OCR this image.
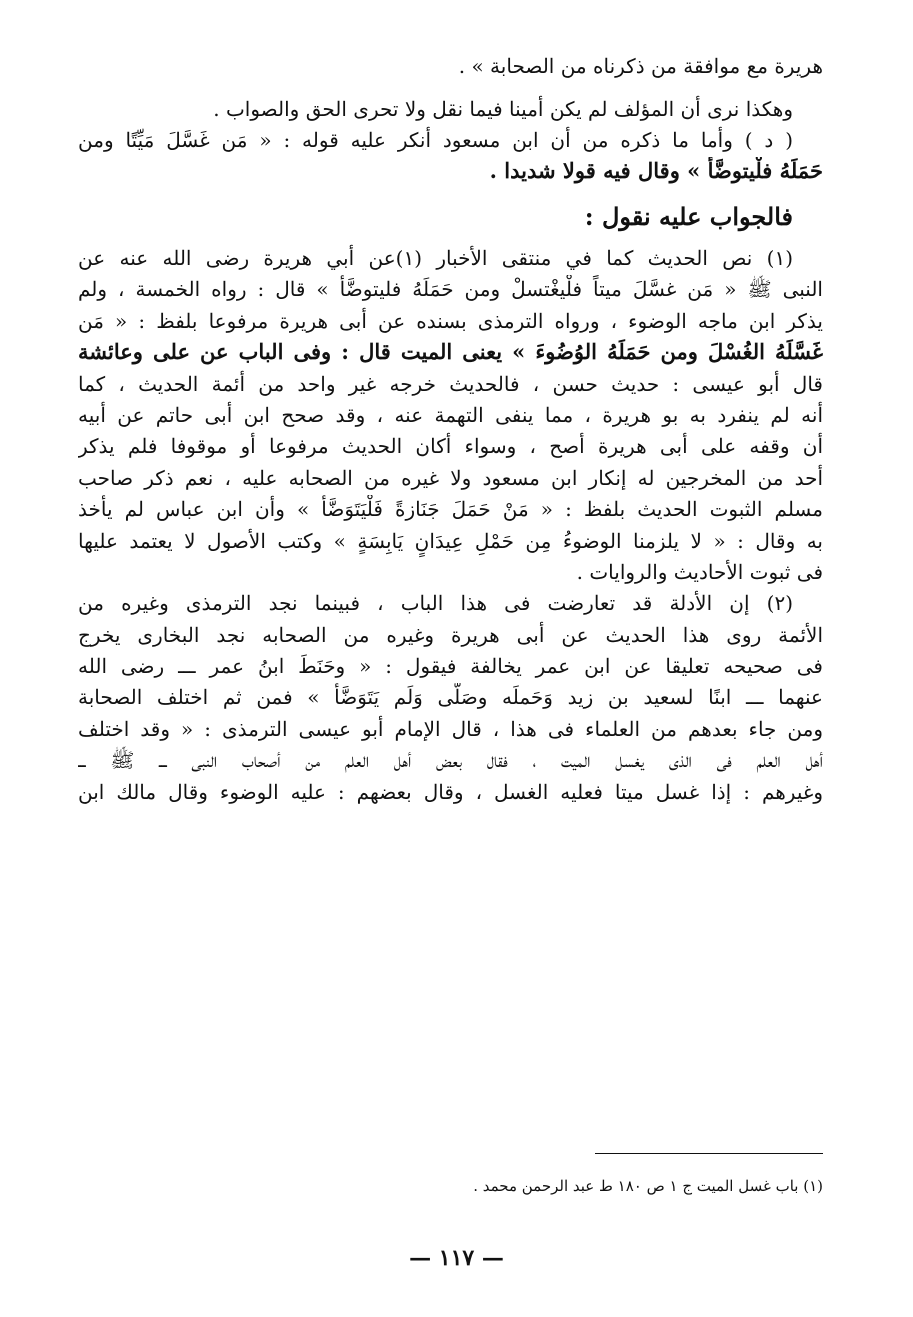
هريرة مع موافقة من ذكرناه من الصحابة » .

وهكذا نرى أن المؤلف لم يكن أمينا فيما نقل ولا تحرى الحق والصواب .

( د ) وأما ما ذكره من أن ابن مسعود أنكر عليه قوله : « مَن غَسَّلَ مَيِّتًا ومن

حَمَلَهُ فلْيتوضَّأْ » وقال فيه قولا شديدا .

فالجواب عليه نقول :

(١) نص الحديث كما في منتقى الأخبار (١)عن أبي هريرة رضى الله عنه عن

النبى ﷺ « مَن غسَّلَ ميتاً فلْيغْتسلْ ومن حَمَلَهُ فليتوضَّأ » قال : رواه الخمسة ، ولم

يذكر ابن ماجه الوضوء ، ورواه الترمذى بسنده عن أبى هريرة مرفوعا بلفظ : « مَن

غَسَّلَهُ الغُسْلَ ومن حَمَلَهُ الوُضُوءَ » يعنى الميت قال : وفى الباب عن على وعائشة

قال أبو عيسى : حديث حسن ، فالحديث خرجه غير واحد من أئمة الحديث ، كما

أنه لم ينفرد به بو هريرة ، مما ينفى التهمة عنه ، وقد صحح ابن أبى حاتم عن أبيه

أن وقفه على أبى هريرة أصح ، وسواء أكان الحديث مرفوعا أو موقوفا فلم يذكر

أحد من المخرجين له إنكار ابن مسعود ولا غيره من الصحابه عليه ، نعم ذكر صاحب

مسلم الثبوت الحديث بلفظ : « مَنْ حَمَلَ جَنَازةً فَلْيَتَوَضَّأْ » وأن ابن عباس لم يأخذ

به وقال : « لا يلزمنا الوضوءُ مِن حَمْلِ عِيدَانٍ يَابِسَةٍ » وكتب الأصول لا يعتمد عليها

فى ثبوت الأحاديث والروايات .

(٢) إن الأدلة قد تعارضت فى هذا الباب ، فبينما نجد الترمذى وغيره من

الأئمة روى هذا الحديث عن أبى هريرة وغيره من الصحابه نجد البخارى يخرج

فى صحيحه تعليقا عن ابن عمر يخالفة فيقول : « وحَنَطَ ابنُ عمر ـــ رضى الله

عنهما ـــ ابنًا لسعيد بن زيد وَحَملَه وصَلَّى وَلَم يَتَوَضَّأْ » فمن ثم اختلف الصحابة

ومن جاء بعدهم من العلماء فى هذا ، قال الإمام أبو عيسى الترمذى : « وقد اختلف

أهل العلم فى الذى يغسل الميت ، فقال بعض أهل العلم من أصحاب النبى ـــ ﷺ ـــ

وغيرهم : إذا غسل ميتا فعليه الغسل ، وقال بعضهم : عليه الوضوء وقال مالك ابن

(١) باب غسل الميت ج ١ ص ١٨٠ ط عبد الرحمن محمد .
— ١١٧ —
